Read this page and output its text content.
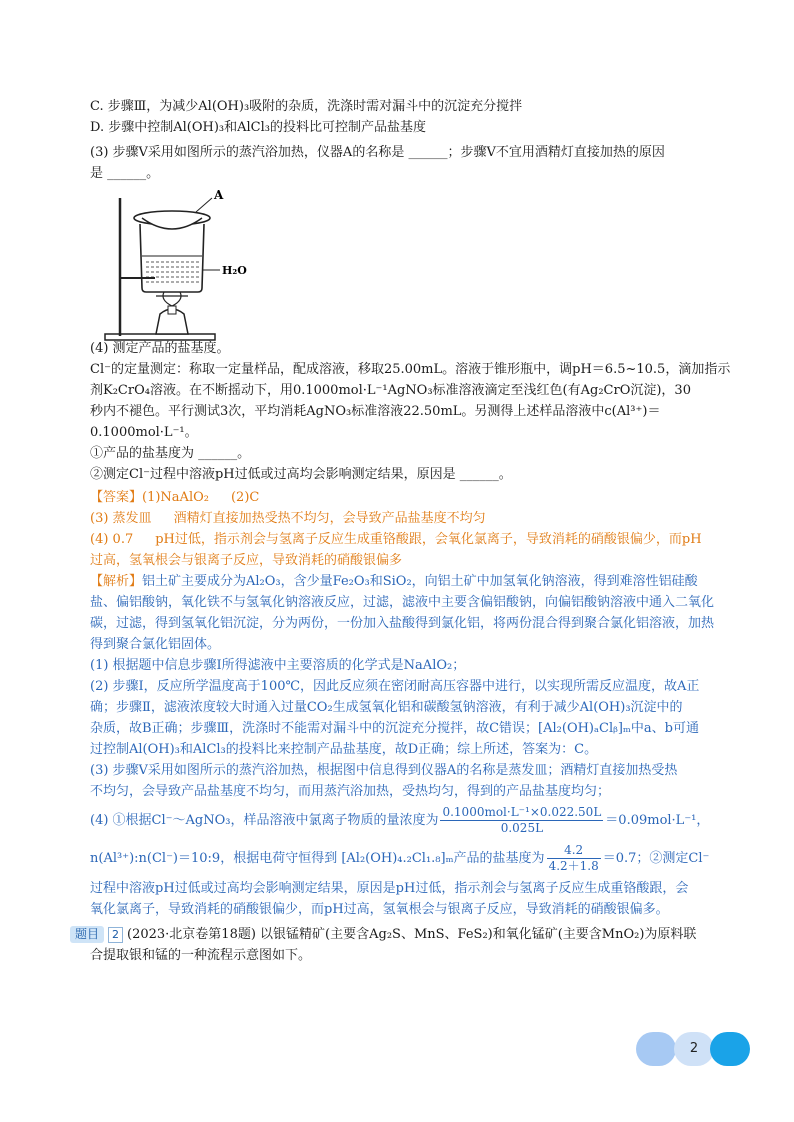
C. 步骤Ⅲ，为减少Al(OH)₃吸附的杂质，洗涤时需对漏斗中的沉淀充分搅拌
D. 步骤中控制Al(OH)₃和AlCl₃的投料比可控制产品盐基度
(3) 步骤V采用如图所示的蒸汽浴加热，仪器A的名称是 ______；步骤V不宜用酒精灯直接加热的原因
是 ______。
A
H₂O
(4) 测定产品的盐基度。
Cl⁻的定量测定：称取一定量样品，配成溶液，移取25.00mL。溶液于锥形瓶中，调pH＝6.5~10.5，滴加指示
剂K₂CrO₄溶液。在不断摇动下，用0.1000mol·L⁻¹AgNO₃标准溶液滴定至浅红色(有Ag₂CrO沉淀)，30
秒内不褪色。平行测试3次，平均消耗AgNO₃标准溶液22.50mL。另测得上述样品溶液中c(Al³⁺)＝
0.1000mol·L⁻¹。
①产品的盐基度为 ______。
②测定Cl⁻过程中溶液pH过低或过高均会影响测定结果，原因是 ______。
【答案】(1)NaAlO₂ (2)C
(3) 蒸发皿 酒精灯直接加热受热不均匀，会导致产品盐基度不均匀
(4) 0.7 pH过低，指示剂会与氢离子反应生成重铬酸跟，会氧化氯离子，导致消耗的硝酸银偏少，而pH
过高，氢氧根会与银离子反应，导致消耗的硝酸银偏多
【解析】铝土矿主要成分为Al₂O₃，含少量Fe₂O₃和SiO₂，向铝土矿中加氢氧化钠溶液，得到难溶性铝硅酸
盐、偏铝酸钠，氧化铁不与氢氧化钠溶液反应，过滤，滤液中主要含偏铝酸钠，向偏铝酸钠溶液中通入二氧化
碳，过滤，得到氢氧化铝沉淀，分为两份，一份加入盐酸得到氯化铝，将两份混合得到聚合氯化铝溶液，加热
得到聚合氯化铝固体。
(1) 根据题中信息步骤Ⅰ所得滤液中主要溶质的化学式是NaAlO₂；
(2) 步骤Ⅰ，反应所学温度高于100℃，因此反应须在密闭耐高压容器中进行，以实现所需反应温度，故A正
确；步骤Ⅱ，滤液浓度较大时通入过量CO₂生成氢氧化铝和碳酸氢钠溶液，有利于减少Al(OH)₃沉淀中的
杂质，故B正确；步骤Ⅲ，洗涤时不能需对漏斗中的沉淀充分搅拌，故C错误；[Al₂(OH)ₐClᵦ]ₘ中a、b可通
过控制Al(OH)₃和AlCl₃的投料比来控制产品盐基度，故D正确；综上所述，答案为：C。
(3) 步骤V采用如图所示的蒸汽浴加热，根据图中信息得到仪器A的名称是蒸发皿；酒精灯直接加热受热
不均匀，会导致产品盐基度不均匀，而用蒸汽浴加热，受热均匀，得到的产品盐基度均匀；
(4) ①根据Cl⁻～AgNO₃，样品溶液中氯离子物质的量浓度为 $\frac{\text{0.1000mol·L⁻¹×0.022.50L}}{0.025L} =0.09mol\cdot L^{-1}$，
n(Al³⁺):n(Cl⁻)＝10:9，根据电荷守恒得到 [Al₂(OH)₄.₂Cl₁.₈]ₘ产品的盐基度为 $\frac{4.2}{4.2+1.8} =0.7$；②测定Cl⁻
过程中溶液pH过低或过高均会影响测定结果，原因是pH过低，指示剂会与氢离子反应生成重铬酸跟，会
氧化氯离子，导致消耗的硝酸银偏少，而pH过高，氢氧根会与银离子反应，导致消耗的硝酸银偏多。
题目 2 (2023·北京卷第18题) 以银锰精矿(主要含Ag₂S、MnS、FeS₂)和氧化锰矿(主要含MnO₂)为原料联
合提取银和锰的一种流程示意图如下。
2
